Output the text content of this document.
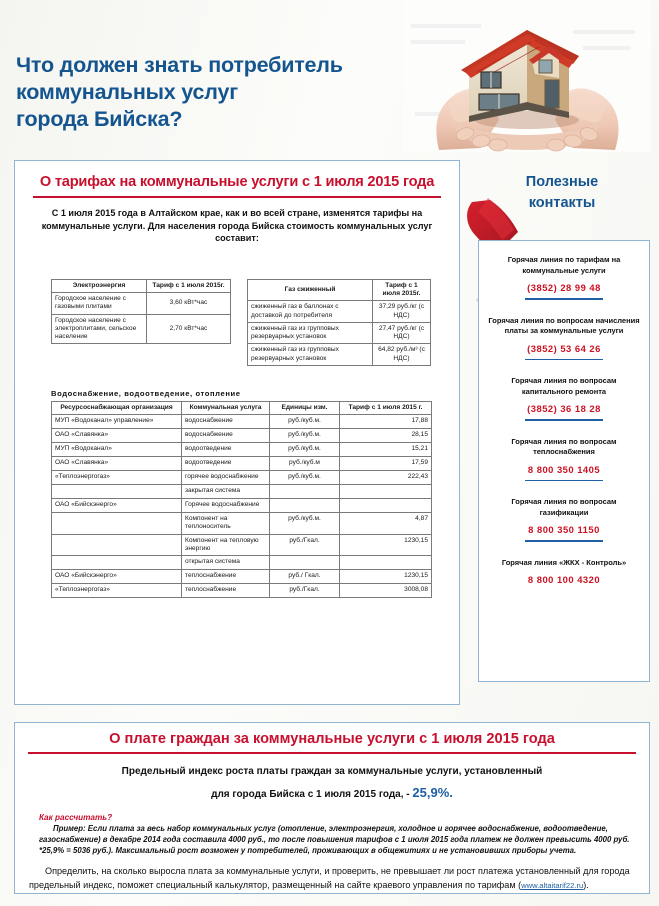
Что должен знать потребитель
коммунальных услуг
города Бийска?
О тарифах на коммунальные услуги с 1 июля 2015 года
С 1 июля 2015 года в Алтайском крае, как и во всей стране, изменятся тарифы на коммунальные услуги. Для населения города Бийска стоимость коммунальных услуг составит:
Электроэнергия	Тариф с 1 июля 2015г.
Городское население с газовыми плитами	3,60 кВт*час
Городское население с электроплитами, сельское население	2,70 кВт*час
Газ сжиженный	Тариф с 1 июля 2015г.
сжиженный газ в баллонах с доставкой до потребителя	37,29 руб./кг (с НДС)
сжиженный газ из групповых резервуарных установок	27,47 руб./кг (с НДС)
сжиженный газ из групповых резервуарных установок	64,82 руб./м³ (с НДС)
Водоснабжение, водоотведение, отопление
Ресурсоснабжающая организация	Коммунальная услуга	Единицы изм.	Тариф с 1 июля 2015 г.
МУП «Водоканал» управление»	водоснабжение	руб./куб.м.	17,88
ОАО «Славянка»	водоснабжение	руб./куб.м.	28,15
МУП «Водоканал»	водоотведение	руб./куб.м.	15,21
ОАО «Славянка»	водоотведение	руб./куб.м	17,59
«Теплоэнергогаз»	горячее водоснабжение	руб./куб.м.	222,43
	закрытая система		
ОАО «Бийскэнерго»	Горячее водоснабжение		
	Компонент на теплоноситель	руб./куб.м.	4,87
	Компонент на тепловую энергию	руб./Гкал.	1230,15
	открытая система		
ОАО «Бийскэнерго»	теплоснабжение	руб./ Гкал.	1230,15
«Теплоэнергогаз»	теплоснабжение	руб./Гкал.	3008,08
Полезные
контакты
Горячая линия по тарифам на коммунальные услуги
(3852) 28 99 48
Горячая линия по вопросам начисления платы за коммунальные услуги
(3852) 53 64 26
Горячая линия по вопросам капитального ремонта
(3852) 36 18 28
Горячая линия по вопросам теплоснабжения
8 800 350 1405
Горячая линия по вопросам газификации
8 800 350 1150
Горячая линия «ЖКХ - Контроль»
8 800 100 4320
О плате граждан за коммунальные услуги с 1 июля 2015 года
Предельный индекс роста платы граждан за коммунальные услуги, установленный
для города Бийска с 1 июля 2015 года, - 25,9%.
Как рассчитать?
Пример: Если плата за весь набор коммунальных услуг (отопление, электроэнергия, холодное и горячее водоснабжение, водоотведение, газоснабжение) в декабре 2014 года составила 4000 руб., то после повышения тарифов с 1 июля 2015 года платеж не должен превысить 4000 руб. *25,9% = 5036 руб.). Максимальный рост возможен у потребителей, проживающих в общежитиях и не установивших приборы учета.
Определить, на сколько выросла плата за коммунальные услуги, и проверить, не превышает ли рост платежа установленный для города предельный индекс, поможет специальный калькулятор, размещенный на сайте краевого управления по тарифам (www.altaitarif22.ru).
